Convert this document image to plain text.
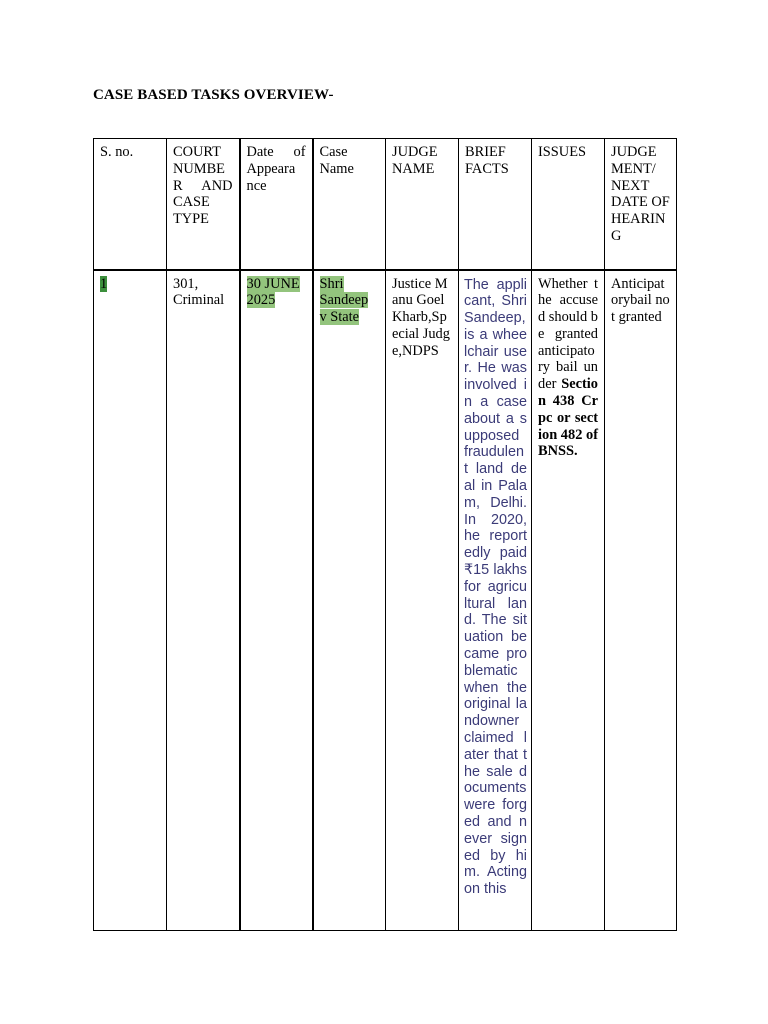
CASE BASED TASKS OVERVIEW-
S. no.	COURT NUMBE R AND CASE TYPE	Date of Appeara nce	Case Name	JUDGE NAME	BRIEF FACTS	ISSUES	JUDGE MENT/ NEXT DATE OF HEARIN G
1	301, Criminal	30 JUNE 2025	Shri Sandeep v State	Justice Manu Goel Kharb,Special Judge,NDPS	The applicant, Shri Sandeep, is a wheelchair user. He was involved in a case about a supposed fraudulent land deal in Palam, Delhi. In 2020, he reportedly paid ₹15 lakhs for agricultural land. The situation became problematic when the original landowner claimed later that the sale documents were forged and never signed by him. Acting on this	Whether the accused should be granted anticipatory bail under Section 438 Crpc or section 482 of BNSS.	Anticipatorybail not granted
